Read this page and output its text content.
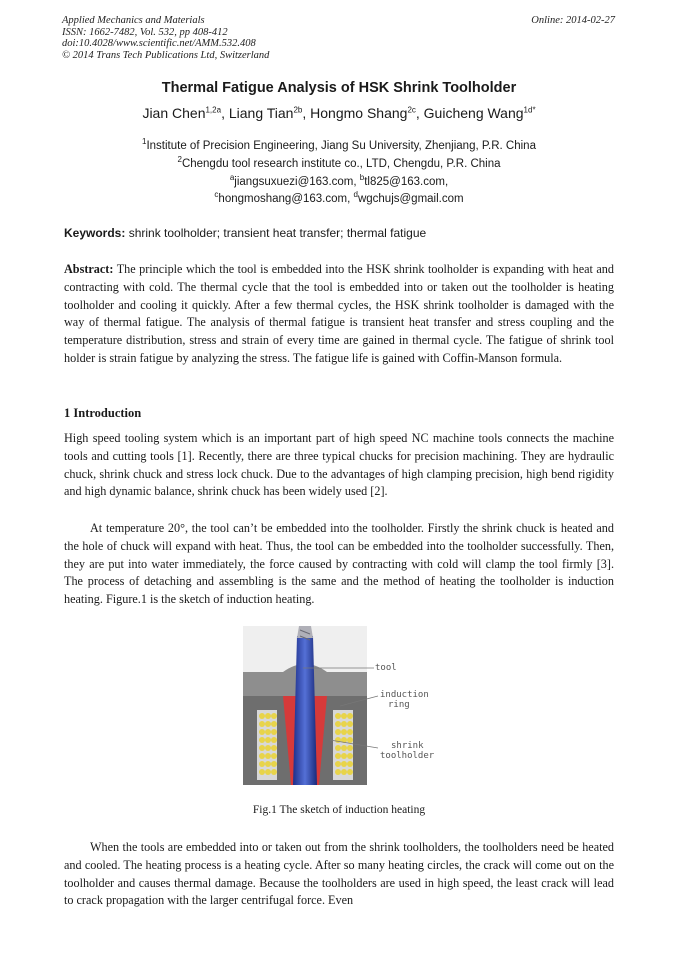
Applied Mechanics and Materials
ISSN: 1662-7482, Vol. 532, pp 408-412
doi:10.4028/www.scientific.net/AMM.532.408
© 2014 Trans Tech Publications Ltd, Switzerland
Online: 2014-02-27
Thermal Fatigue Analysis of HSK Shrink Toolholder
Jian Chen$^{1,2a}$, Liang Tian$^{2b}$, Hongmo Shang$^{2c}$, Guicheng Wang$^{1d*}$
$^1$Institute of Precision Engineering, Jiang Su University, Zhenjiang, P.R. China
$^2$Chengdu tool research institute co., LTD, Chengdu, P.R. China
$^a$jiangsuxuezi@163.com, $^b$tl825@163.com,
$^c$hongmoshang@163.com, $^d$wgchujs@gmail.com
Keywords: shrink toolholder; transient heat transfer; thermal fatigue

Abstract: The principle which the tool is embedded into the HSK shrink toolholder is expanding with heat and contracting with cold. The thermal cycle that the tool is embedded into or taken out the toolholder is heating toolholder and cooling it quickly. After a few thermal cycles, the HSK shrink toolholder is damaged with the way of thermal fatigue. The analysis of thermal fatigue is transient heat transfer and stress coupling and the temperature distribution, stress and strain of every time are gained in thermal cycle. The fatigue of shrink tool holder is strain fatigue by analyzing the stress. The fatigue life is gained with Coffin-Manson formula.

1 Introduction

High speed tooling system which is an important part of high speed NC machine tools connects the machine tools and cutting tools [1]. Recently, there are three typical chucks for precision machining. They are hydraulic chuck, shrink chuck and stress lock chuck. Due to the advantages of high clamping precision, high bend rigidity and high dynamic balance, shrink chuck has been widely used [2].

At temperature 20°, the tool can’t be embedded into the toolholder. Firstly the shrink chuck is heated and the hole of chuck will expand with heat. Thus, the tool can be embedded into the toolholder successfully. Then, they are put into water immediately, the force caused by contracting with cold will clamp the tool firmly [3]. The process of detaching and assembling is the same and the method of heating the toolholder is induction heating. Figure.1 is the sketch of induction heating.

tool
induction
ring
shrink
toolholder
Fig.1 The sketch of induction heating

When the tools are embedded into or taken out from the shrink toolholders, the toolholders need be heated and cooled. The heating process is a heating cycle. After so many heating circles, the crack will come out on the toolholder and causes thermal damage. Because the toolholders are used in high speed, the least crack will lead to crack propagation with the larger centrifugal force. Even
